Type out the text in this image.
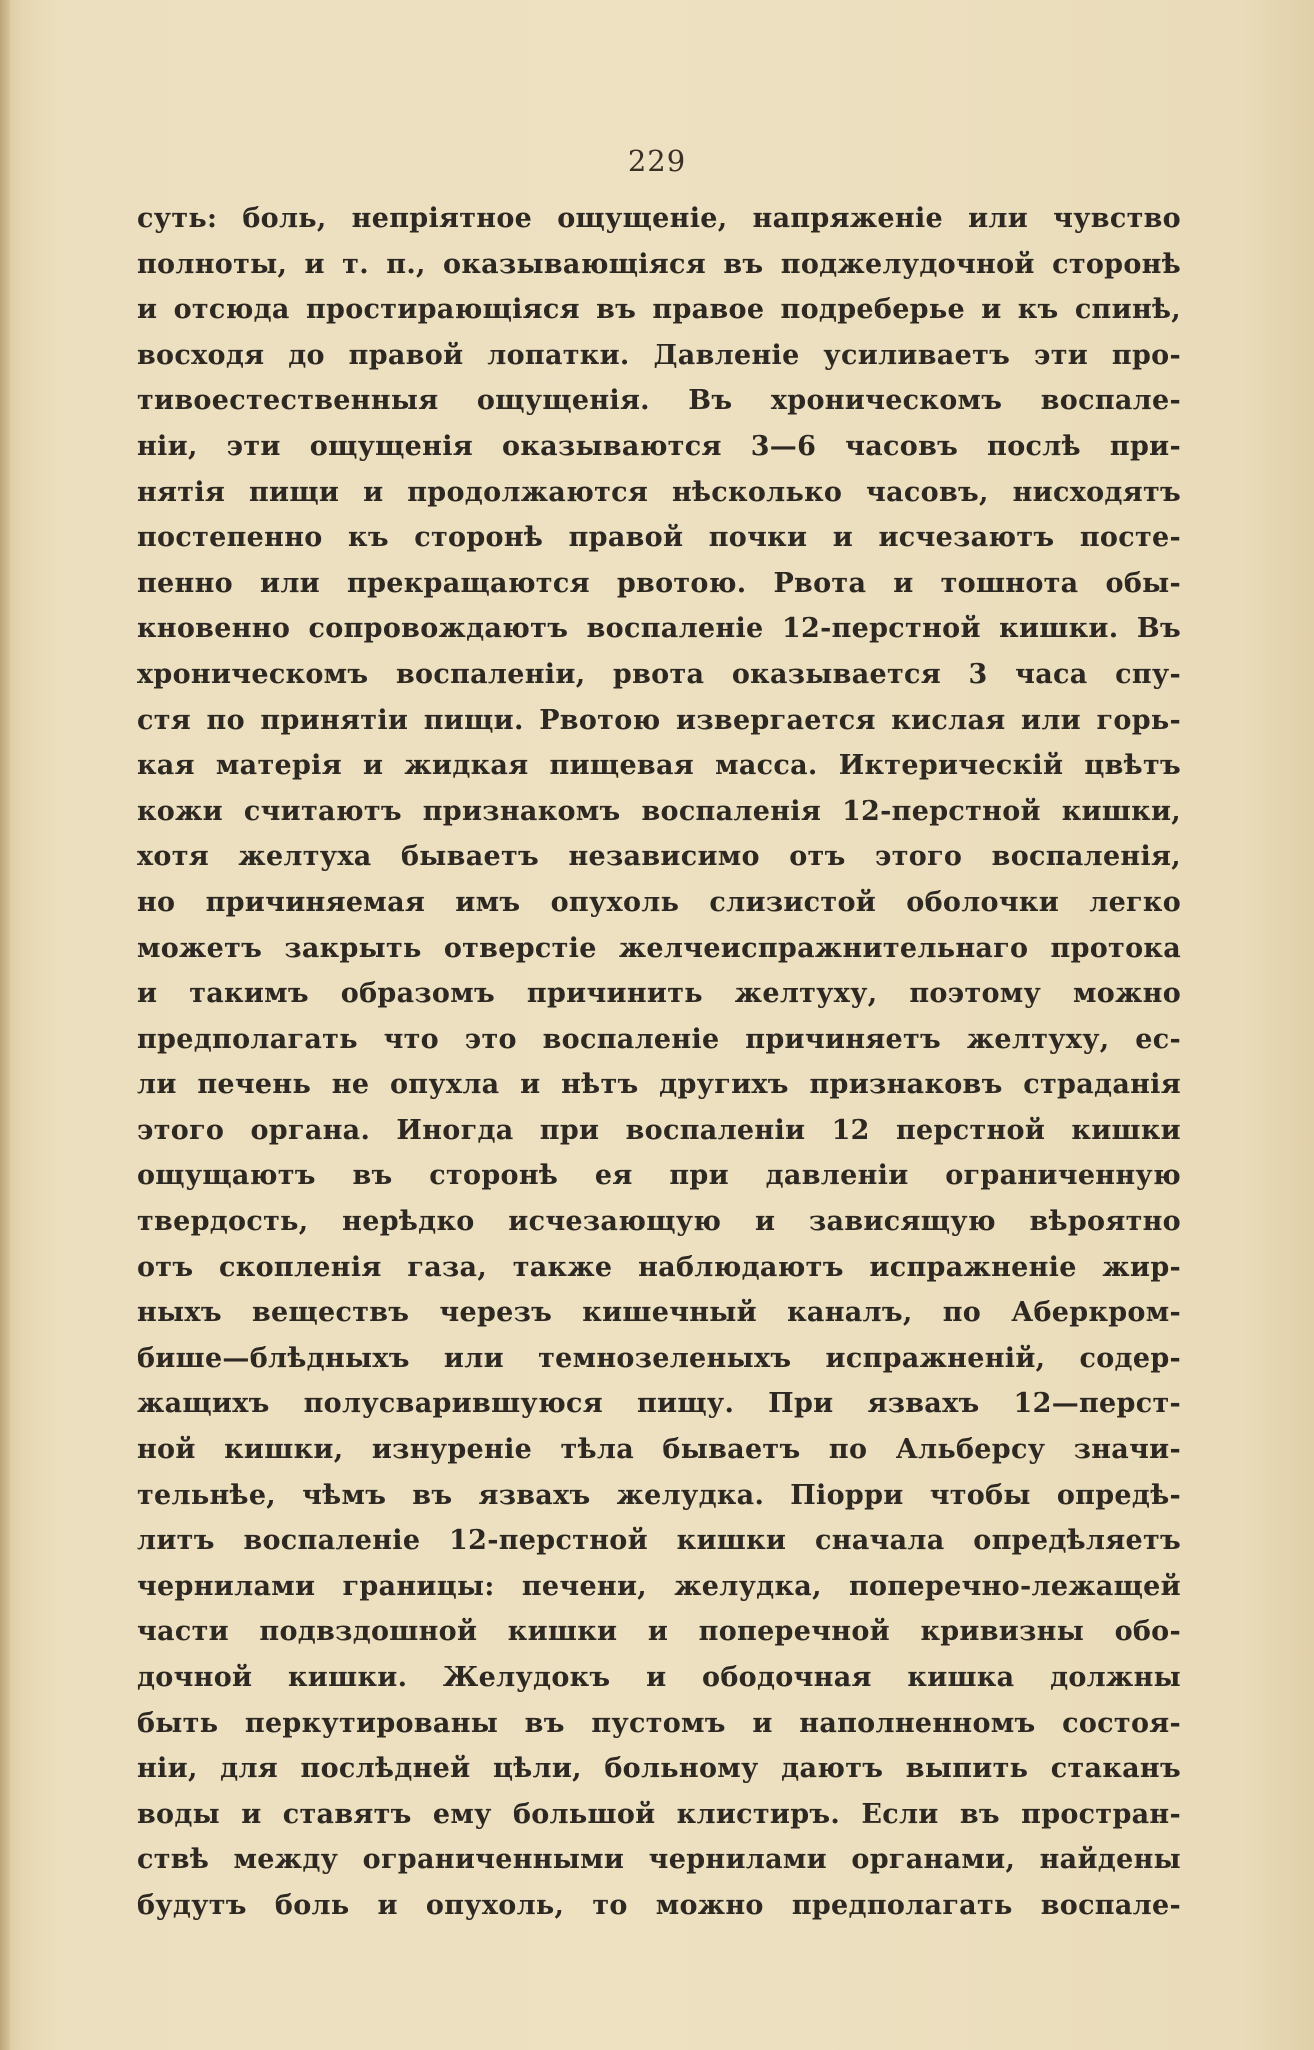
229
суть: боль, непріятное ощущеніе, напряженіе или чувство
полноты, и т. п., оказывающіяся въ поджелудочной сторонѣ
и отсюда простирающіяся въ правое подреберье и къ спинѣ,
восходя до правой лопатки. Давленіе усиливаетъ эти про-
тивоестественныя ощущенія. Въ хроническомъ воспале-
ніи, эти ощущенія оказываются 3—6 часовъ послѣ при-
нятія пищи и продолжаются нѣсколько часовъ, нисходятъ
постепенно къ сторонѣ правой почки и исчезаютъ посте-
пенно или прекращаются рвотою. Рвота и тошнота обы-
кновенно сопровождаютъ воспаленіе 12-перстной кишки. Въ
хроническомъ воспаленіи, рвота оказывается 3 часа спу-
стя по принятіи пищи. Рвотою извергается кислая или горь-
кая матерія и жидкая пищевая масса. Иктерическій цвѣтъ
кожи считаютъ признакомъ воспаленія 12-перстной кишки,
хотя желтуха бываетъ независимо отъ этого воспаленія,
но причиняемая имъ опухоль слизистой оболочки легко
можетъ закрыть отверстіе желчеиспражнительнаго протока
и такимъ образомъ причинить желтуху, поэтому можно
предполагать что это воспаленіе причиняетъ желтуху, ес-
ли печень не опухла и нѣтъ другихъ признаковъ страданія
этого органа. Иногда при воспаленіи 12 перстной кишки
ощущаютъ въ сторонѣ ея при давленіи ограниченную
твердость, нерѣдко исчезающую и зависящую вѣроятно
отъ скопленія газа, также наблюдаютъ испражненіе жир-
ныхъ веществъ черезъ кишечный каналъ, по Аберкром-
бише—блѣдныхъ или темнозеленыхъ испражненій, содер-
жащихъ полусварившуюся пищу. При язвахъ 12—перст-
ной кишки, изнуреніе тѣла бываетъ по Альберсу значи-
тельнѣе, чѣмъ въ язвахъ желудка. Піорри чтобы опредѣ-
литъ воспаленіе 12-перстной кишки сначала опредѣляетъ
чернилами границы: печени, желудка, поперечно-лежащей
части подвздошной кишки и поперечной кривизны обо-
дочной кишки. Желудокъ и ободочная кишка должны
быть перкутированы въ пустомъ и наполненномъ состоя-
ніи, для послѣдней цѣли, больному даютъ выпить стаканъ
воды и ставятъ ему большой клистиръ. Если въ простран-
ствѣ между ограниченными чернилами органами, найдены
будутъ боль и опухоль, то можно предполагать воспале-
